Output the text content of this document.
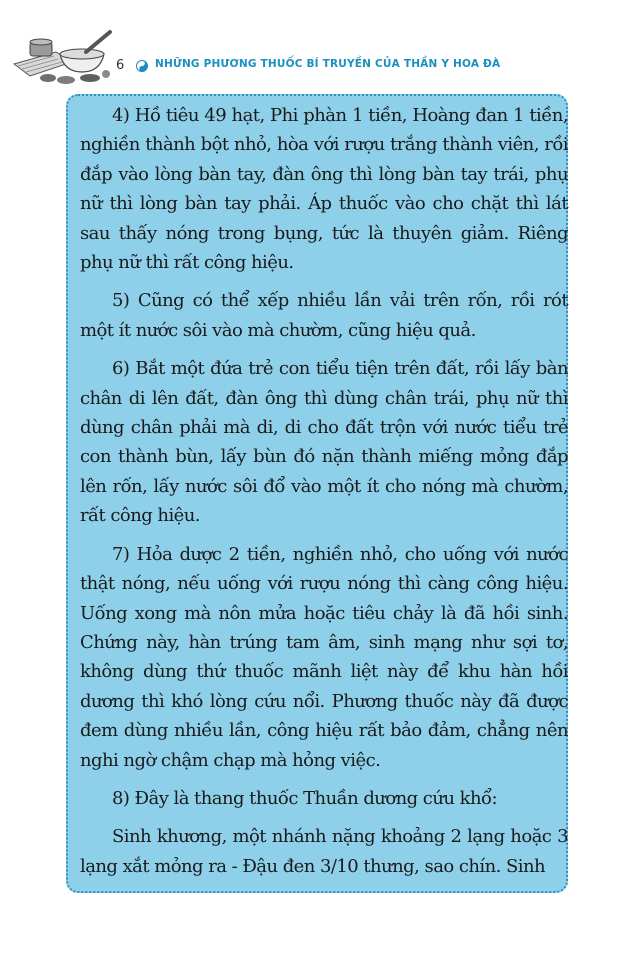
6	NHỮNG PHƯƠNG THUỐC BÍ TRUYỀN CỦA THẦN Y HOA ĐÀ

4) Hồ tiêu 49 hạt, Phi phàn 1 tiền, Hoàng đan 1 tiền, nghiền thành bột nhỏ, hòa với rượu trắng thành viên, rồi đắp vào lòng bàn tay, đàn ông thì lòng bàn tay trái, phụ nữ thì lòng bàn tay phải. Áp thuốc vào cho chặt thì lát sau thấy nóng trong bụng, tức là thuyên giảm. Riêng phụ nữ thì rất công hiệu.

5) Cũng có thể xếp nhiều lần vải trên rốn, rồi rót một ít nước sôi vào mà chườm, cũng hiệu quả.

6) Bắt một đứa trẻ con tiểu tiện trên đất, rồi lấy bàn chân di lên đất, đàn ông thì dùng chân trái, phụ nữ thì dùng chân phải mà di, di cho đất trộn với nước tiểu trẻ con thành bùn, lấy bùn đó nặn thành miếng mỏng đắp lên rốn, lấy nước sôi đổ vào một ít cho nóng mà chườm, rất công hiệu.

7) Hỏa dược 2 tiền, nghiền nhỏ, cho uống với nước thật nóng, nếu uống với rượu nóng thì càng công hiệu. Uống xong mà nôn mửa hoặc tiêu chảy là đã hồi sinh. Chứng này, hàn trúng tam âm, sinh mạng như sợi tơ, không dùng thứ thuốc mãnh liệt này để khu hàn hồi dương thì khó lòng cứu nổi. Phương thuốc này đã được đem dùng nhiều lần, công hiệu rất bảo đảm, chẳng nên nghi ngờ chậm chạp mà hỏng việc.

8) Đây là thang thuốc Thuần dương cứu khổ:

Sinh khương, một nhánh nặng khoảng 2 lạng hoặc 3 lạng xắt mỏng ra - Đậu đen 3/10 thưng, sao chín. Sinh
